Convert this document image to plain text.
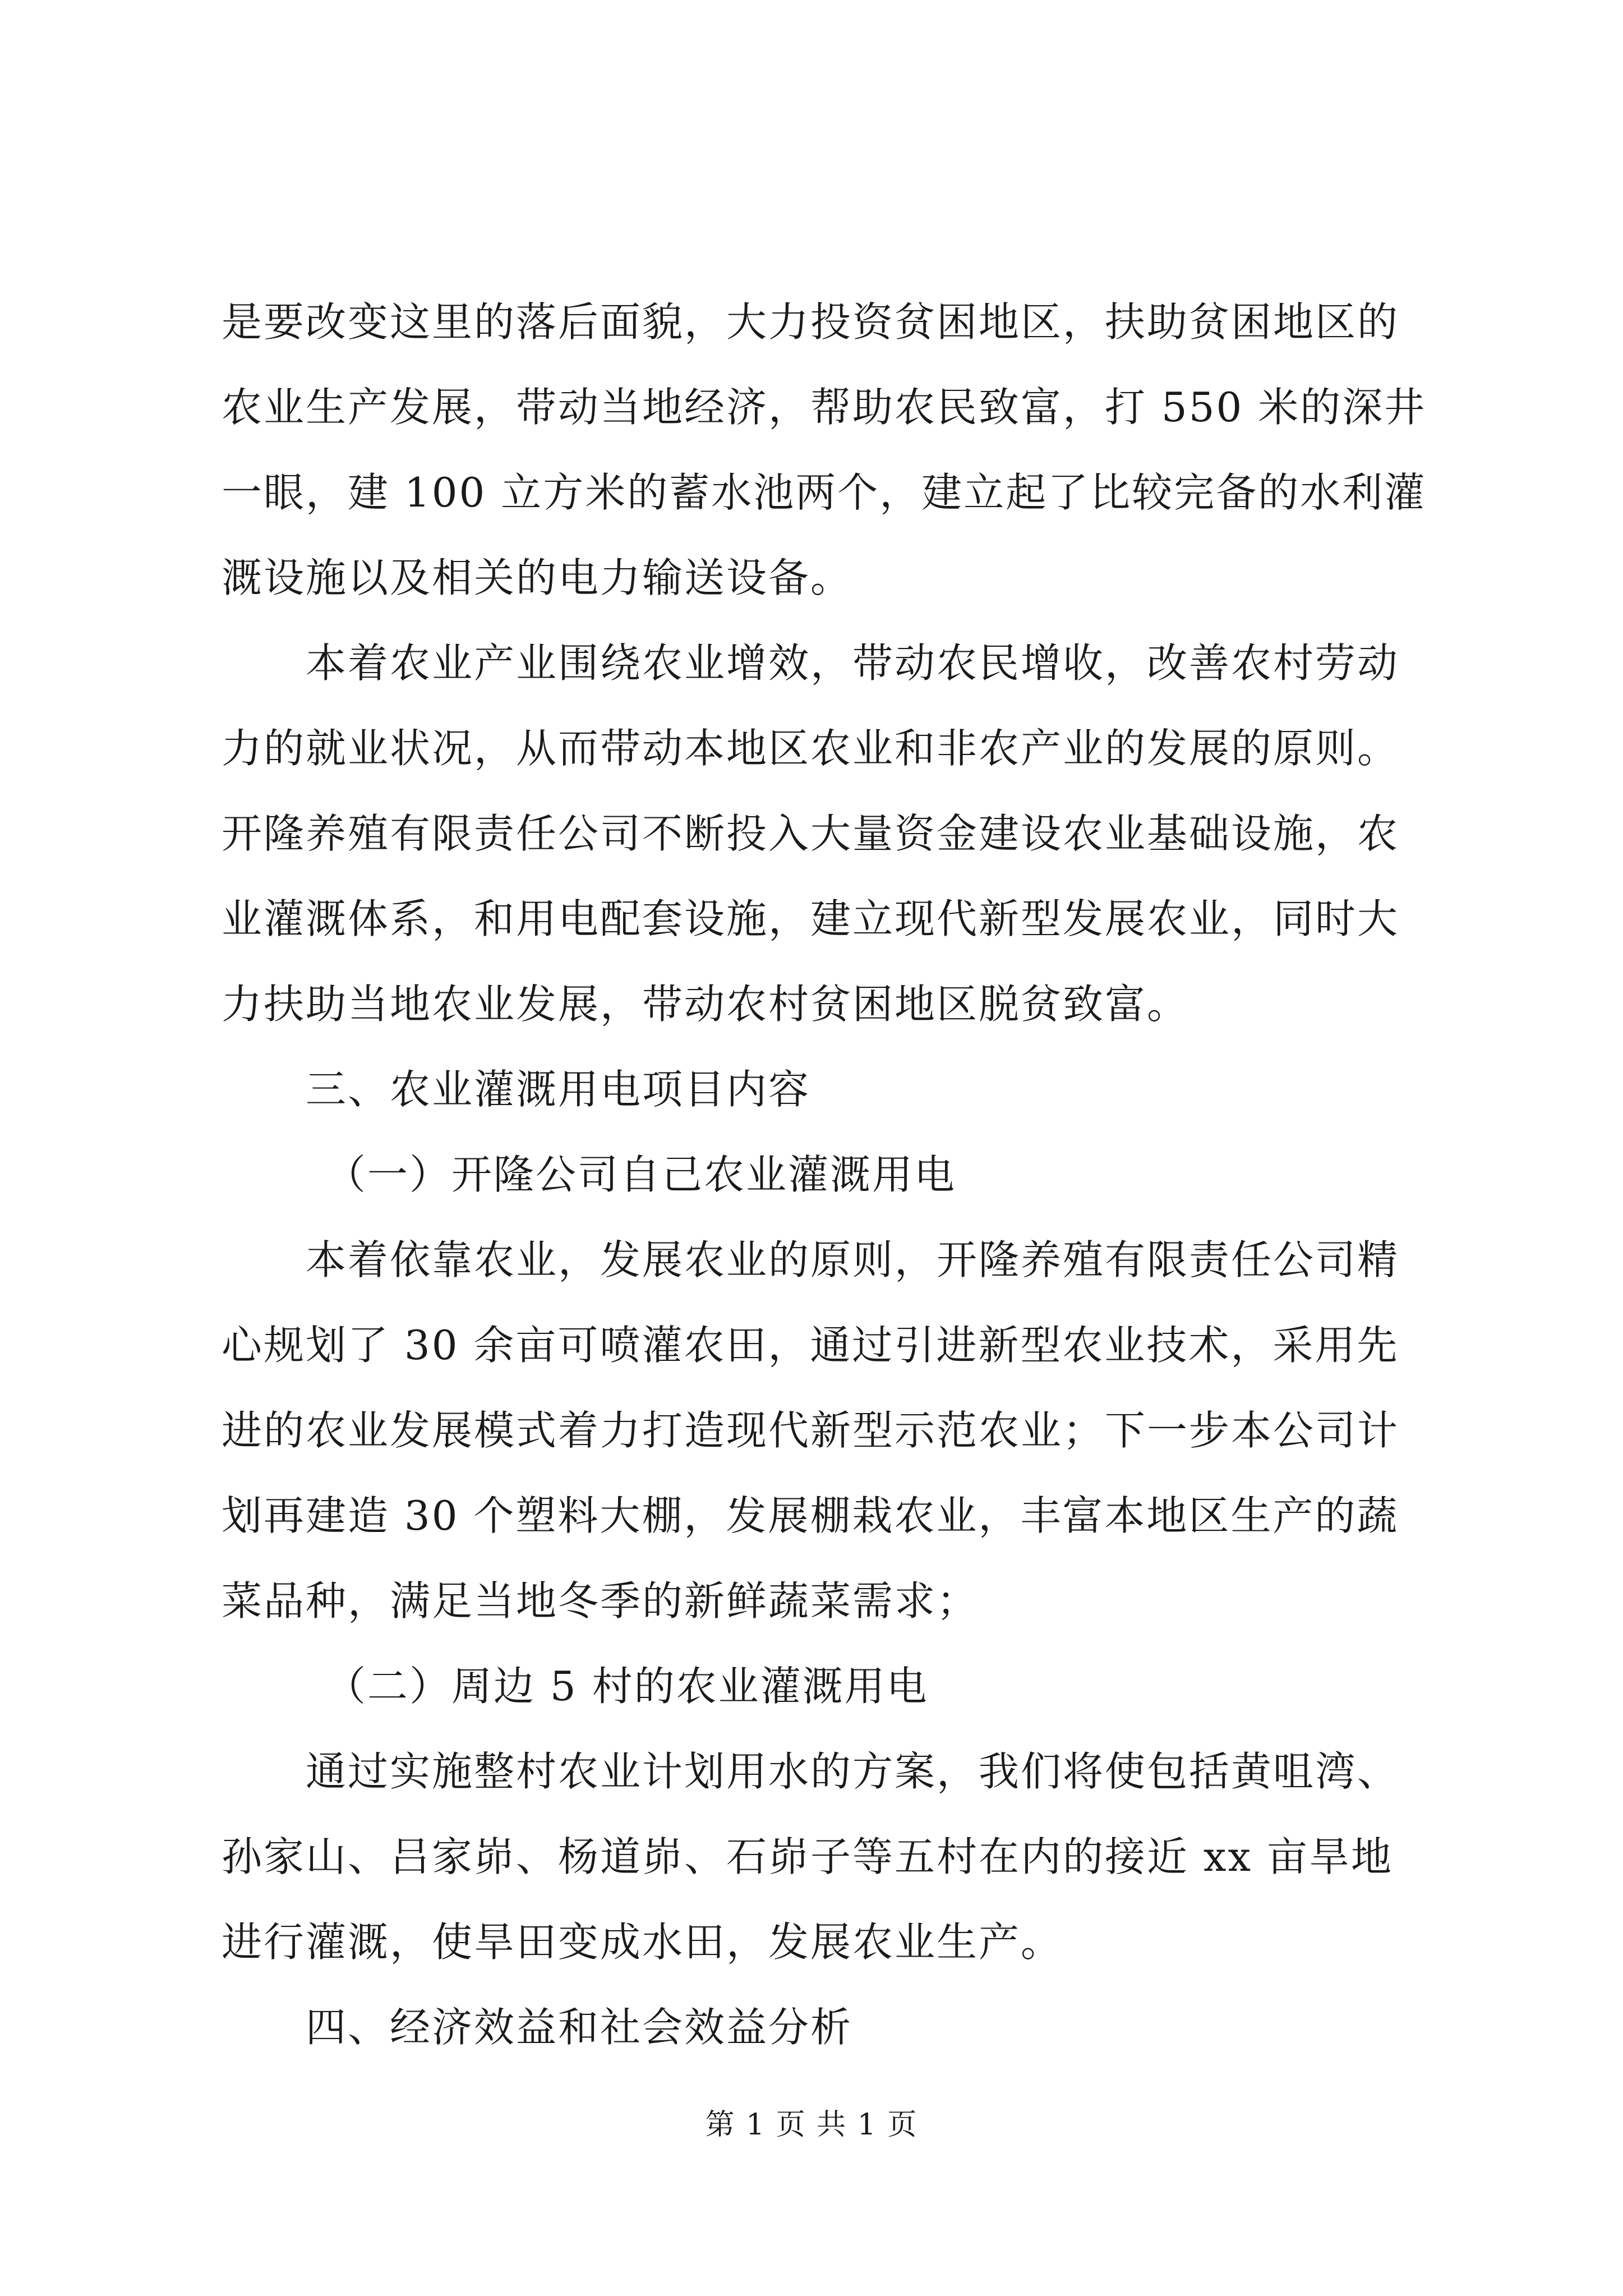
是要改变这里的落后面貌，大力投资贫困地区，扶助贫困地区的
农业生产发展，带动当地经济，帮助农民致富，打 550 米的深井
一眼，建 100 立方米的蓄水池两个，建立起了比较完备的水利灌
溉设施以及相关的电力输送设备。
本着农业产业围绕农业增效，带动农民增收，改善农村劳动
力的就业状况，从而带动本地区农业和非农产业的发展的原则。
开隆养殖有限责任公司不断投入大量资金建设农业基础设施，农
业灌溉体系，和用电配套设施，建立现代新型发展农业，同时大
力扶助当地农业发展，带动农村贫困地区脱贫致富。
三、农业灌溉用电项目内容
（一）开隆公司自己农业灌溉用电
本着依靠农业，发展农业的原则，开隆养殖有限责任公司精
心规划了 30 余亩可喷灌农田，通过引进新型农业技术，采用先
进的农业发展模式着力打造现代新型示范农业；下一步本公司计
划再建造 30 个塑料大棚，发展棚栽农业，丰富本地区生产的蔬
菜品种，满足当地冬季的新鲜蔬菜需求；
（二）周边 5 村的农业灌溉用电
通过实施整村农业计划用水的方案，我们将使包括黄咀湾、
孙家山、吕家峁、杨道峁、石峁子等五村在内的接近 xx 亩旱地
进行灌溉，使旱田变成水田，发展农业生产。
四、经济效益和社会效益分析
第 1 页 共 1 页
